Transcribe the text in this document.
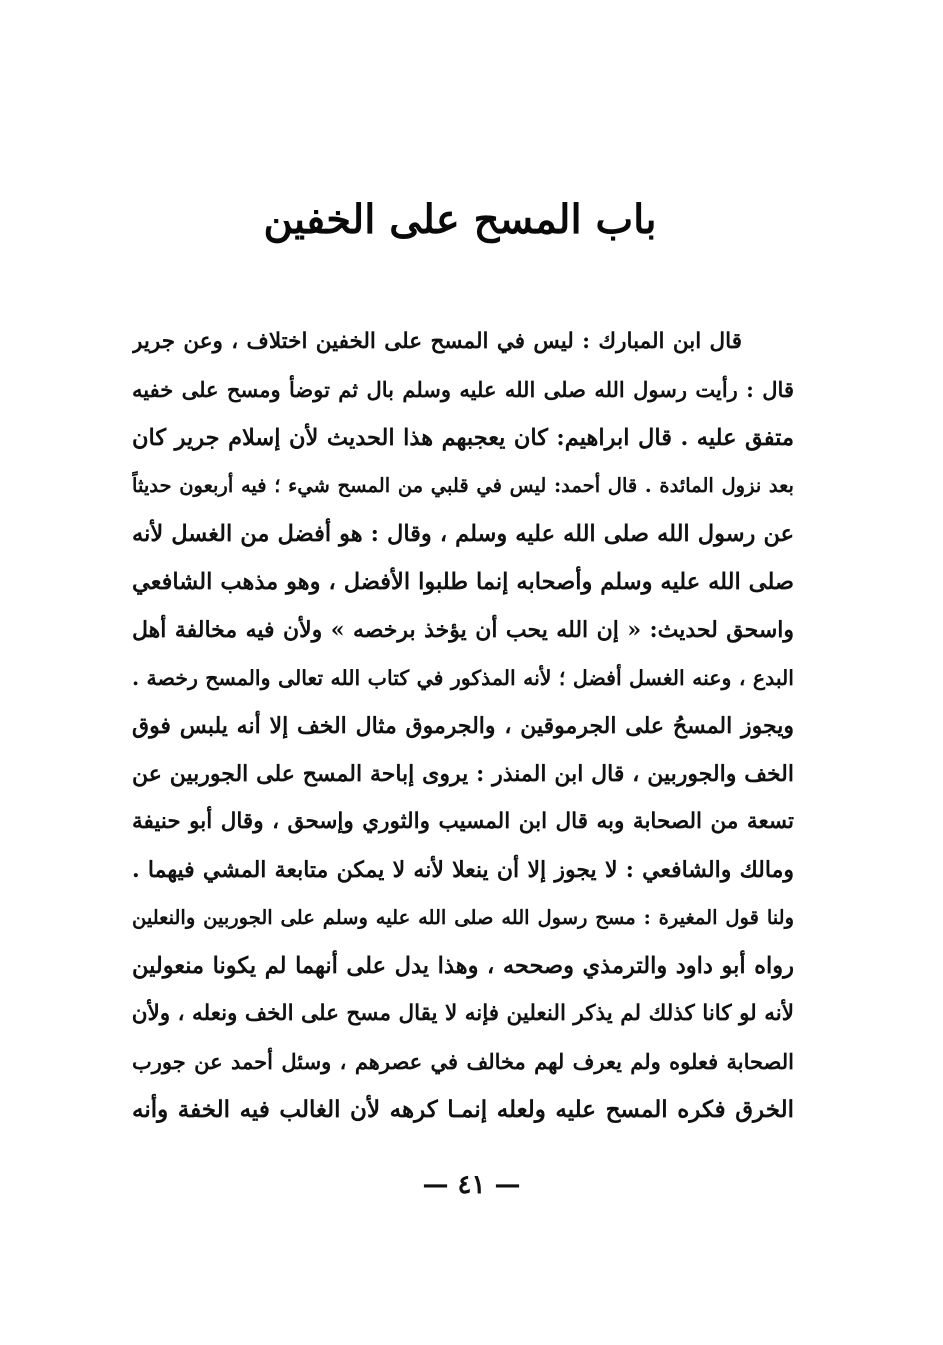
باب المسح على الخفين
قال ابن المبارك : ليس في المسح على الخفين اختلاف ، وعن جرير
قال : رأيت رسول الله صلى الله عليه وسلم بال ثم توضأ ومسح على خفيه
متفق عليه . قال ابراهيم: كان يعجبهم هذا الحديث لأن إسلام جرير كان
بعد نزول المائدة . قال أحمد: ليس في قلبي من المسح شيء ؛ فيه أربعون حديثاً
عن رسول الله صلى الله عليه وسلم ، وقال : هو أفضل من الغسل لأنه
صلى الله عليه وسلم وأصحابه إنما طلبوا الأفضل ، وهو مذهب الشافعي
واسحق لحديث: « إن الله يحب أن يؤخذ برخصه » ولأن فيه مخالفة أهل
البدع ، وعنه الغسل أفضل ؛ لأنه المذكور في كتاب الله تعالى والمسح رخصة .
ويجوز المسحُ على الجرموقين ، والجرموق مثال الخف إلا أنه يلبس فوق
الخف والجوربين ، قال ابن المنذر : يروى إباحة المسح على الجوربين عن
تسعة من الصحابة وبه قال ابن المسيب والثوري وإسحق ، وقال أبو حنيفة
ومالك والشافعي : لا يجوز إلا أن ينعلا لأنه لا يمكن متابعة المشي فيهما .
ولنا قول المغيرة : مسح رسول الله صلى الله عليه وسلم على الجوربين والنعلين
رواه أبو داود والترمذي وصححه ، وهذا يدل على أنهما لم يكونا منعولين
لأنه لو كانا كذلك لم يذكر النعلين فإنه لا يقال مسح على الخف ونعله ، ولأن
الصحابة فعلوه ولم يعرف لهم مخالف في عصرهم ، وسئل أحمد عن جورب
الخرق فكره المسح عليه ولعله إنمـا كرهه لأن الغالب فيه الخفة وأنه
— ٤١ —
